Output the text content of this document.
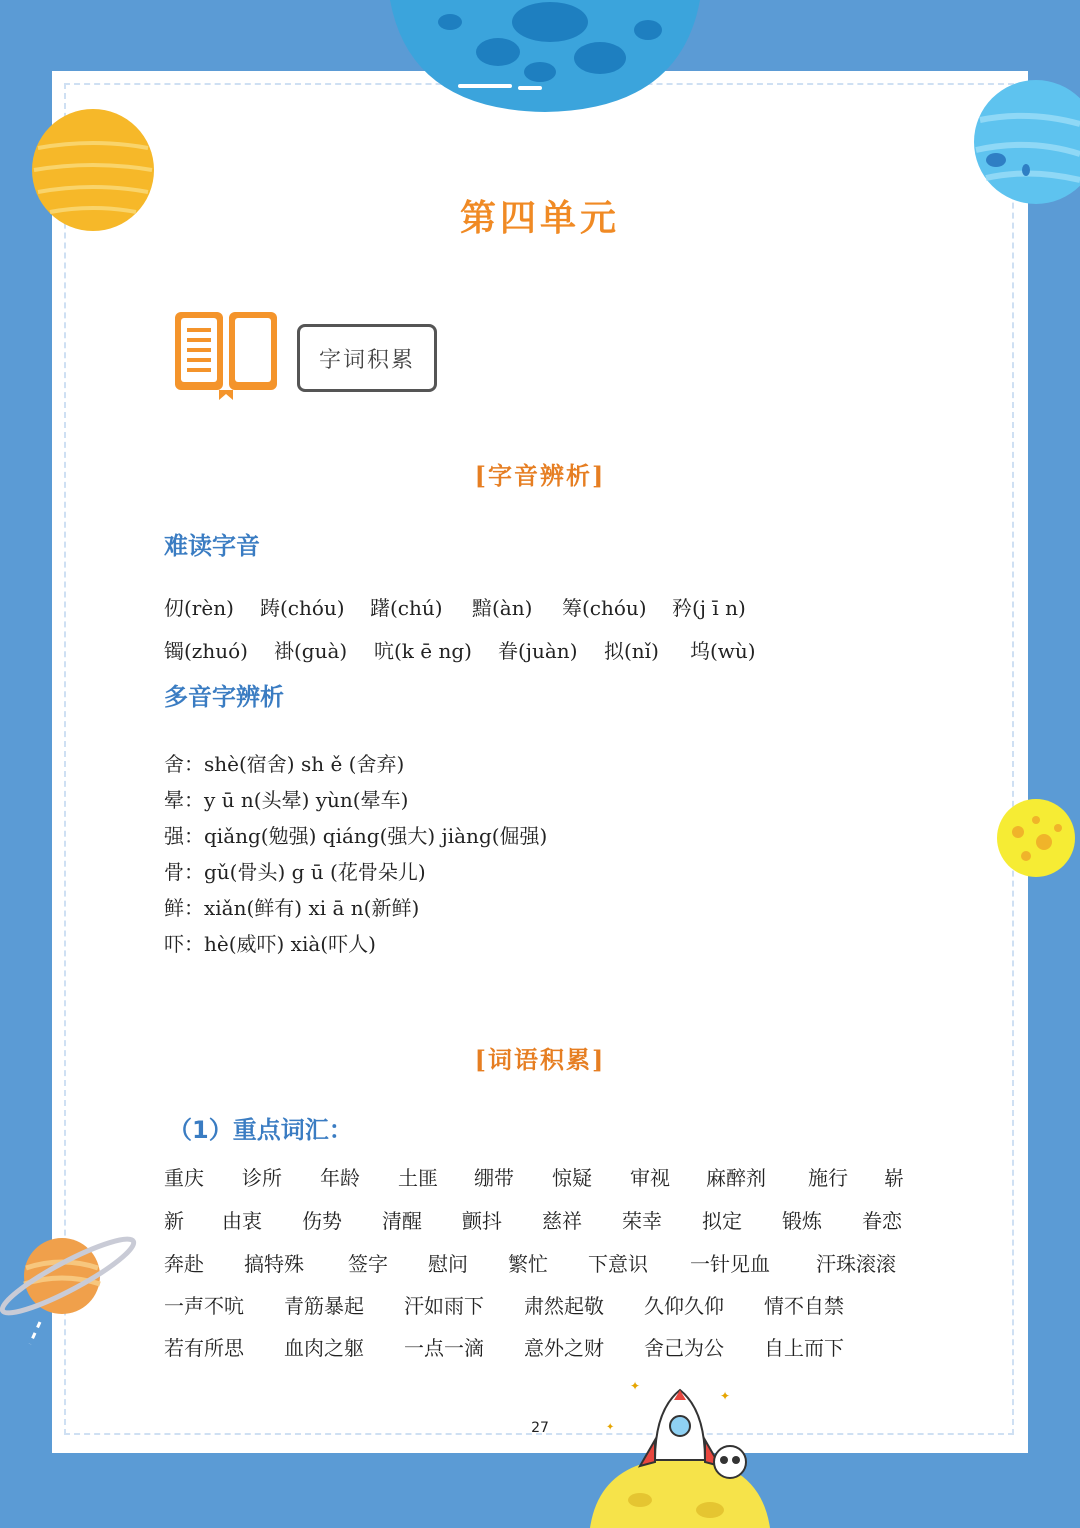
✦
✦
✦
第四单元
字词积累
[字音辨析]
难读字音
仞(rèn) 踌(chóu) 躇(chú) 黯(àn) 筹(chóu) 矜(j ī n)
镯(zhuó) 褂(guà) 吭(k ē ng) 眷(juàn) 拟(nǐ) 坞(wù)
多音字辨析
舍：shè(宿舍) sh ě (舍弃)
晕：y ū n(头晕) yùn(晕车)
强：qiǎng(勉强) qiáng(强大) jiàng(倔强)
骨：gǔ(骨头) g ū (花骨朵儿)
鲜：xiǎn(鲜有) xi ā n(新鲜)
吓：hè(威吓) xià(吓人)
[词语积累]
（1）重点词汇：
重庆 诊所 年龄 土匪 绷带 惊疑 审视 麻醉剂 施行 崭
新 由衷 伤势 清醒 颤抖 慈祥 荣幸 拟定 锻炼 眷恋
奔赴 搞特殊 签字 慰问 繁忙 下意识 一针见血 汗珠滚滚
一声不吭 青筋暴起 汗如雨下 肃然起敬 久仰久仰 情不自禁
若有所思 血肉之躯 一点一滴 意外之财 舍己为公 自上而下
27
